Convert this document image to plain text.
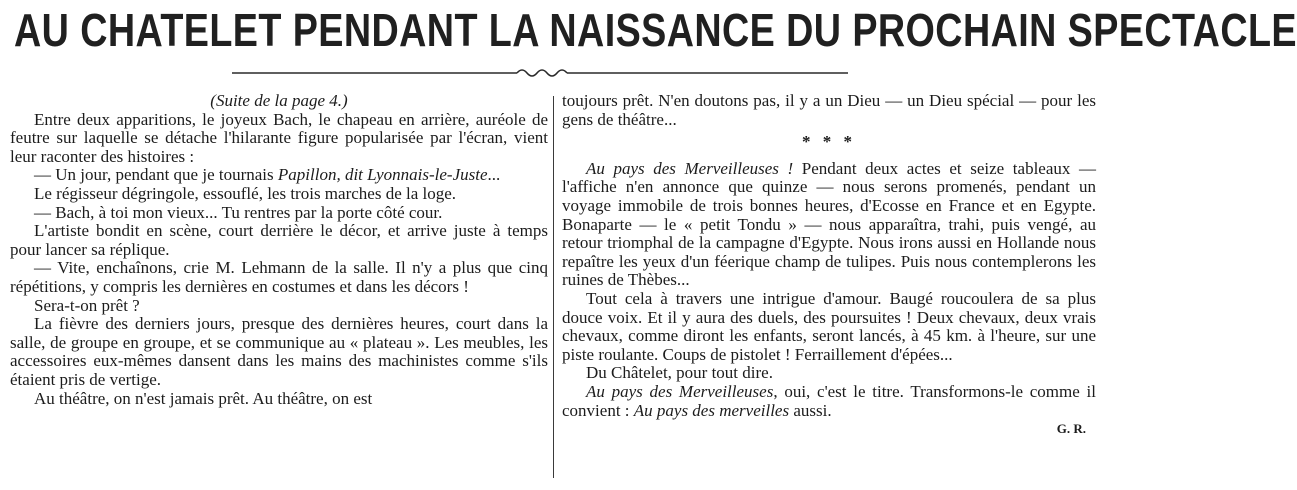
AU CHATELET PENDANT LA NAISSANCE DU PROCHAIN SPECTACLE

(Suite de la page 4.)

Entre deux apparitions, le joyeux Bach, le chapeau en arrière, auréole de feutre sur laquelle se détache l'hilarante figure popularisée par l'écran, vient leur raconter des histoires :

— Un jour, pendant que je tournais Papillon, dit Lyonnais-le-Juste...

Le régisseur dégringole, essouflé, les trois marches de la loge.

— Bach, à toi mon vieux... Tu rentres par la porte côté cour.

L'artiste bondit en scène, court derrière le décor, et arrive juste à temps pour lancer sa réplique.

— Vite, enchaînons, crie M. Lehmann de la salle. Il n'y a plus que cinq répétitions, y compris les dernières en costumes et dans les décors !

Sera-t-on prêt ?

La fièvre des derniers jours, presque des dernières heures, court dans la salle, de groupe en groupe, et se communique au « plateau ». Les meubles, les accessoires eux-mêmes dansent dans les mains des machinistes comme s'ils étaient pris de vertige.

Au théâtre, on n'est jamais prêt. Au théâtre, on est

toujours prêt. N'en doutons pas, il y a un Dieu — un Dieu spécial — pour les gens de théâtre...

* * *

Au pays des Merveilleuses ! Pendant deux actes et seize tableaux — l'affiche n'en annonce que quinze — nous serons promenés, pendant un voyage immobile de trois bonnes heures, d'Ecosse en France et en Egypte. Bonaparte — le « petit Tondu » — nous apparaîtra, trahi, puis vengé, au retour triomphal de la campagne d'Egypte. Nous irons aussi en Hollande nous repaître les yeux d'un féerique champ de tulipes. Puis nous contemplerons les ruines de Thèbes...

Tout cela à travers une intrigue d'amour. Baugé roucoulera de sa plus douce voix. Et il y aura des duels, des poursuites ! Deux chevaux, deux vrais chevaux, comme diront les enfants, seront lancés, à 45 km. à l'heure, sur une piste roulante. Coups de pistolet ! Ferraillement d'épées...

Du Châtelet, pour tout dire.

Au pays des Merveilleuses, oui, c'est le titre. Transformons-le comme il convient : Au pays des merveilles aussi.

G. R.
